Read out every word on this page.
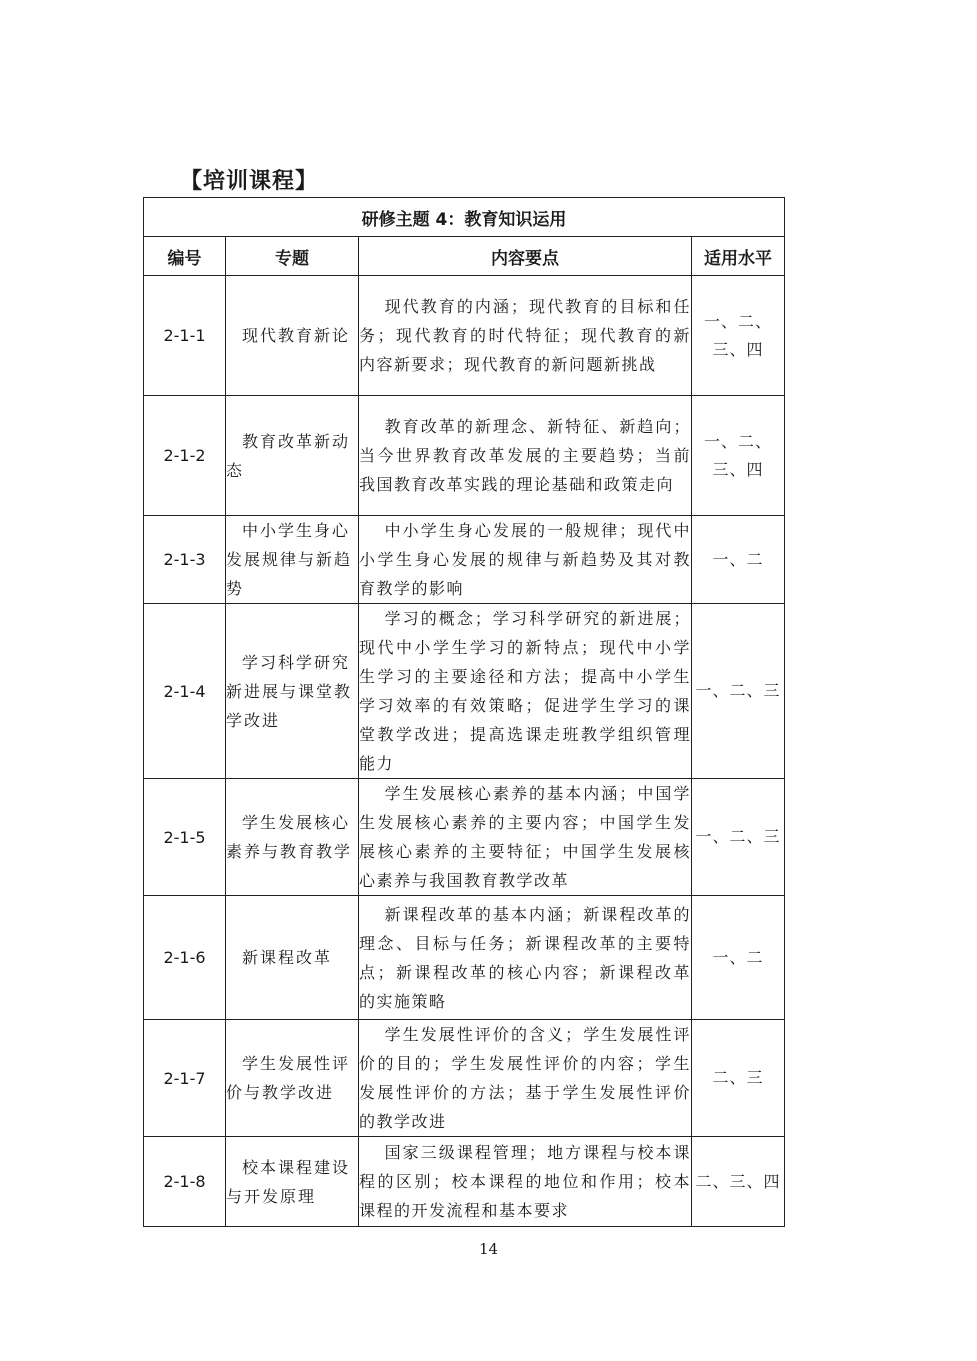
【培训课程】
研修主题 4：教育知识运用			
编号	专题	内容要点	适用水平
2-1-1	现代教育新论	现代教育的内涵；现代教育的目标和任务；现代教育的时代特征；现代教育的新内容新要求；现代教育的新问题新挑战	一、二、三、四
2-1-2	教育改革新动态	教育改革的新理念、新特征、新趋向；当今世界教育改革发展的主要趋势；当前我国教育改革实践的理论基础和政策走向	一、二、三、四
2-1-3	中小学生身心发展规律与新趋势	中小学生身心发展的一般规律；现代中小学生身心发展的规律与新趋势及其对教育教学的影响	一、二
2-1-4	学习科学研究新进展与课堂教学改进	学习的概念；学习科学研究的新进展；现代中小学生学习的新特点；现代中小学生学习的主要途径和方法；提高中小学生学习效率的有效策略；促进学生学习的课堂教学改进；提高选课走班教学组织管理能力	一、二、三
2-1-5	学生发展核心素养与教育教学	学生发展核心素养的基本内涵；中国学生发展核心素养的主要内容；中国学生发展核心素养的主要特征；中国学生发展核心素养与我国教育教学改革	一、二、三
2-1-6	新课程改革	新课程改革的基本内涵；新课程改革的理念、目标与任务；新课程改革的主要特点；新课程改革的核心内容；新课程改革的实施策略	一、二
2-1-7	学生发展性评价与教学改进	学生发展性评价的含义；学生发展性评价的目的；学生发展性评价的内容；学生发展性评价的方法；基于学生发展性评价的教学改进	二、三
2-1-8	校本课程建设与开发原理	国家三级课程管理；地方课程与校本课程的区别；校本课程的地位和作用；校本课程的开发流程和基本要求	二、三、四
14
